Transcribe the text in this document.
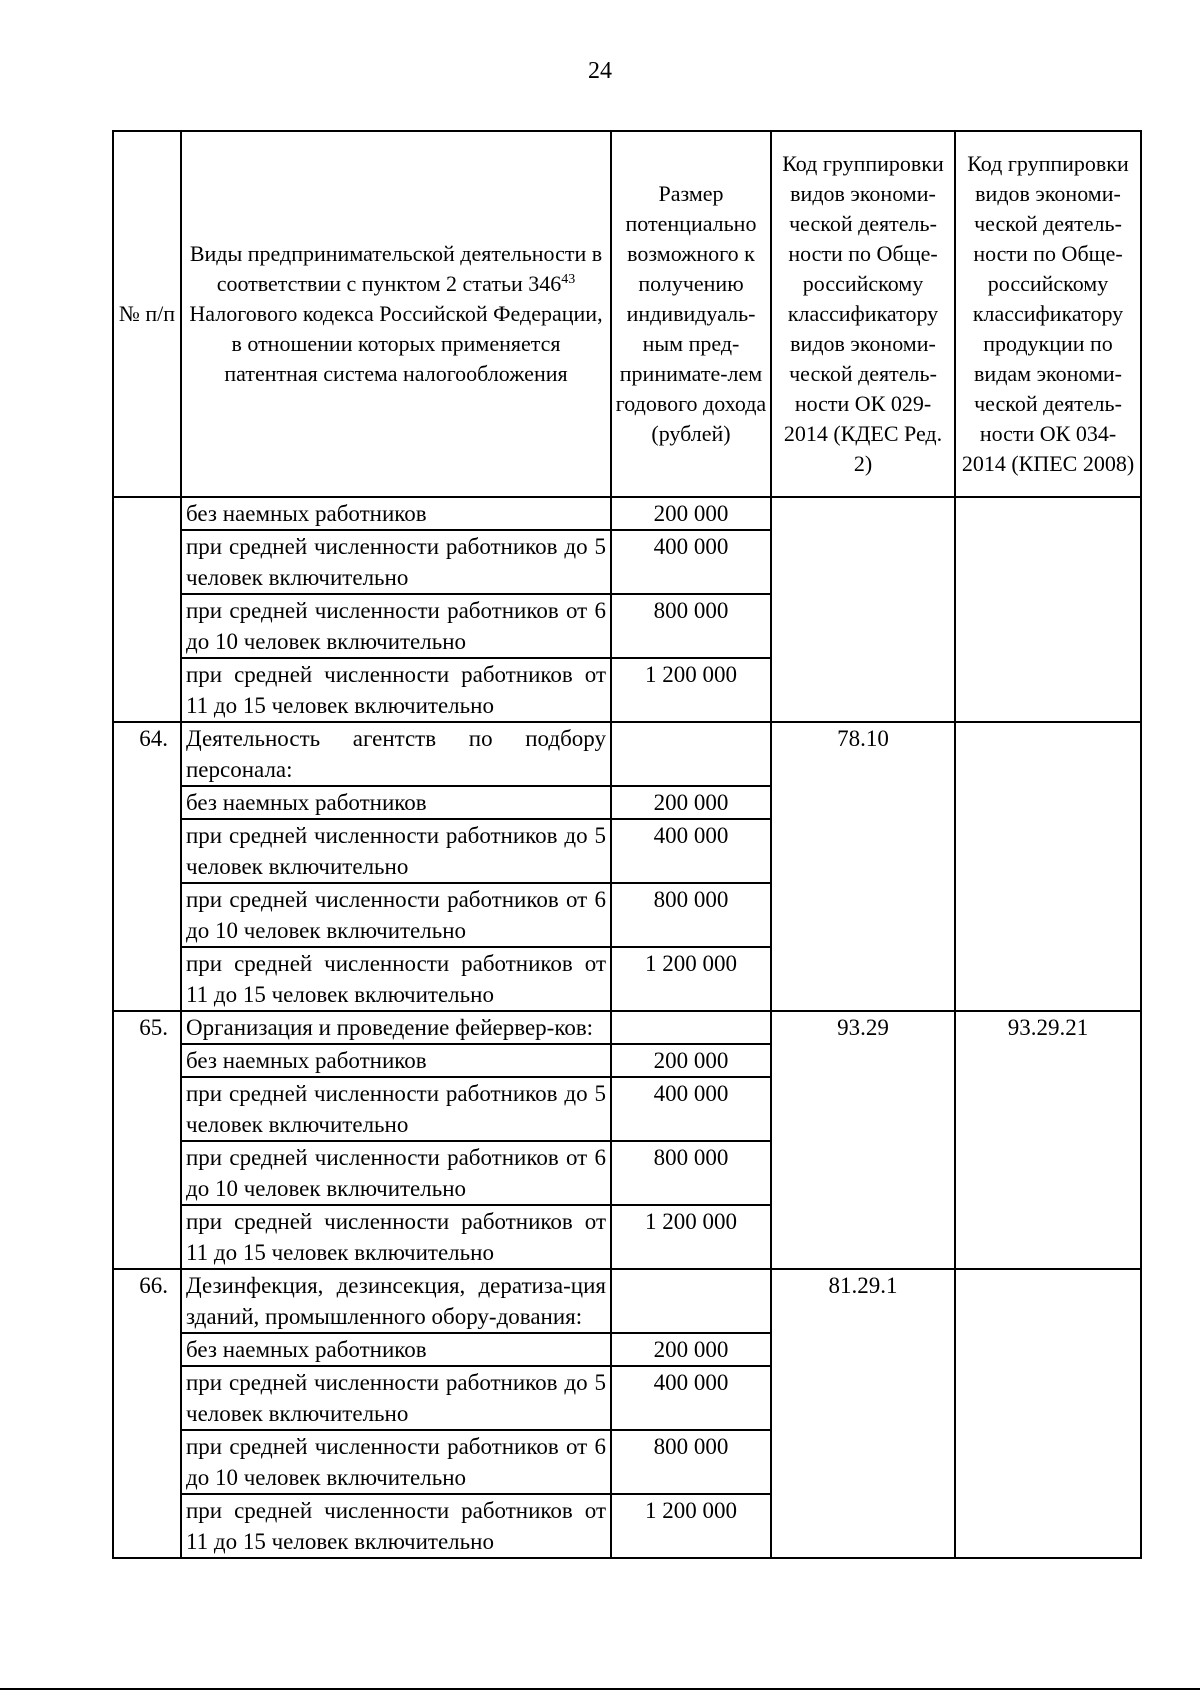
24
№ п/п	Виды предпринимательской деятельности в соответствии с пунктом 2 статьи $346^{43}$ Налогового кодекса Российской Федерации, в отношении которых применяется патентная система налогообложения	Размер потенциально возможного к получению индивидуаль-ным пред-принимате-лем годового дохода (рублей)	Код группировки видов экономи-ческой деятель-ности по Обще-российскому классификатору видов экономи-ческой деятель-ности ОК 029-2014 (КДЕС Ред. 2)	Код группировки видов экономи-ческой деятель-ности по Обще-российскому классификатору продукции по видам экономи-ческой деятель-ности ОК 034-2014 (КПЕС 2008)
	без наемных работников	200 000		
	при средней численности работников до 5 человек включительно	400 000		
	при средней численности работников от 6 до 10 человек включительно	800 000		
	при средней численности работников от 11 до 15 человек включительно	1 200 000		
64.	Деятельность агентств по подбору персонала:		78.10	
	без наемных работников	200 000		
	при средней численности работников до 5 человек включительно	400 000		
	при средней численности работников от 6 до 10 человек включительно	800 000		
	при средней численности работников от 11 до 15 человек включительно	1 200 000		
65.	Организация и проведение фейервер-ков:		93.29	93.29.21
	без наемных работников	200 000		
	при средней численности работников до 5 человек включительно	400 000		
	при средней численности работников от 6 до 10 человек включительно	800 000		
	при средней численности работников от 11 до 15 человек включительно	1 200 000		
66.	Дезинфекция, дезинсекция, дератиза-ция зданий, промышленного обору-дования:		81.29.1	
	без наемных работников	200 000		
	при средней численности работников до 5 человек включительно	400 000		
	при средней численности работников от 6 до 10 человек включительно	800 000		
	при средней численности работников от 11 до 15 человек включительно	1 200 000		
